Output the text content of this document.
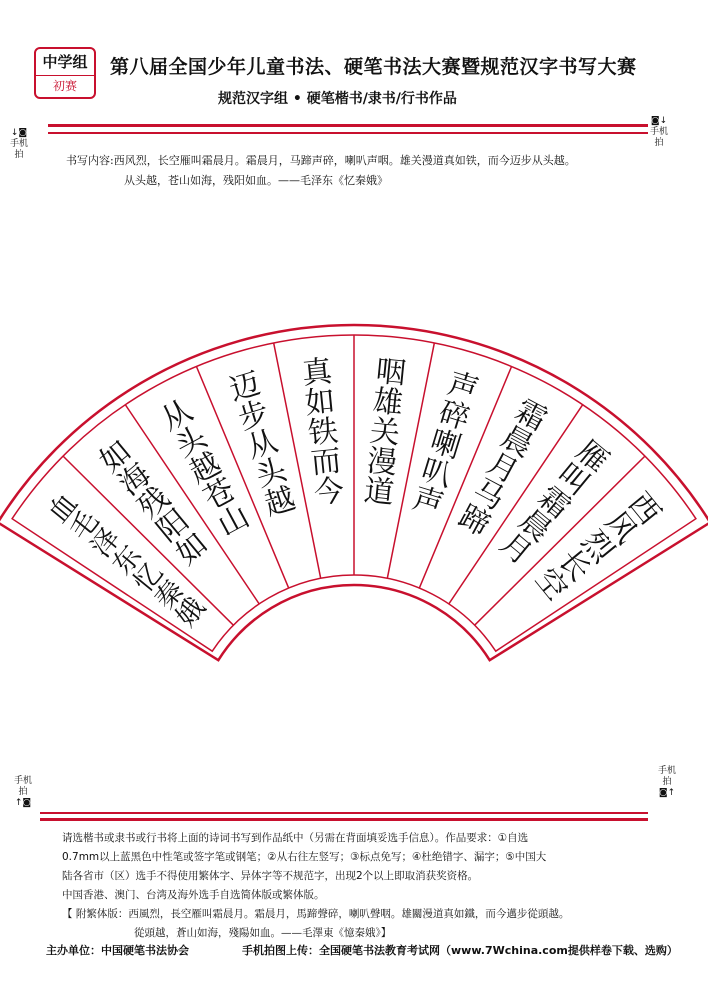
中学组
初赛
第八届全国少年儿童书法、硬笔书法大赛暨规范汉字书写大赛
规范汉字组 • 硬笔楷书/隶书/行书作品
↓◙
手机拍
◙↓
手机拍
书写内容:西风烈，长空雁叫霜晨月。霜晨月，马蹄声碎，喇叭声咽。雄关漫道真如铁，而今迈步从头越。
从头越，苍山如海，残阳如血。——毛泽东《忆秦娥》
西
风
烈
长
空
雁
叫
霜
晨
月
霜
晨
月
马
蹄
声
碎
喇
叭
声
咽
雄
关
漫
道
真
如
铁
而
今
迈
步
从
头
越
从
头
越
苍
山
如
海
残
阳
如
血
毛
泽
东
忆
秦
娥
手机拍
↑◙
手机拍
◙↑

请选楷书或隶书或行书将上面的诗词书写到作品纸中（另需在背面填妥选手信息）。作品要求：①自选

0.7mm以上蓝黑色中性笔或签字笔或钢笔；②从右往左竖写；③标点免写；④杜绝错字、漏字；⑤中国大

陆各省市（区）选手不得使用繁体字、异体字等不规范字，出现2个以上即取消获奖资格。

中国香港、澳门、台湾及海外选手自选简体版或繁体版。

【 附繁体版：西風烈，長空雁叫霜晨月。霜晨月，馬蹄聲碎，喇叭聲咽。雄關漫道真如鐵，而今邁步從頭越。
從頭越，蒼山如海，殘陽如血。——毛澤東《憶秦娥》】
主办单位：中国硬笔书法协会	手机拍图上传：全国硬笔书法教育考试网（www.7Wchina.com提供样卷下载、选购）
